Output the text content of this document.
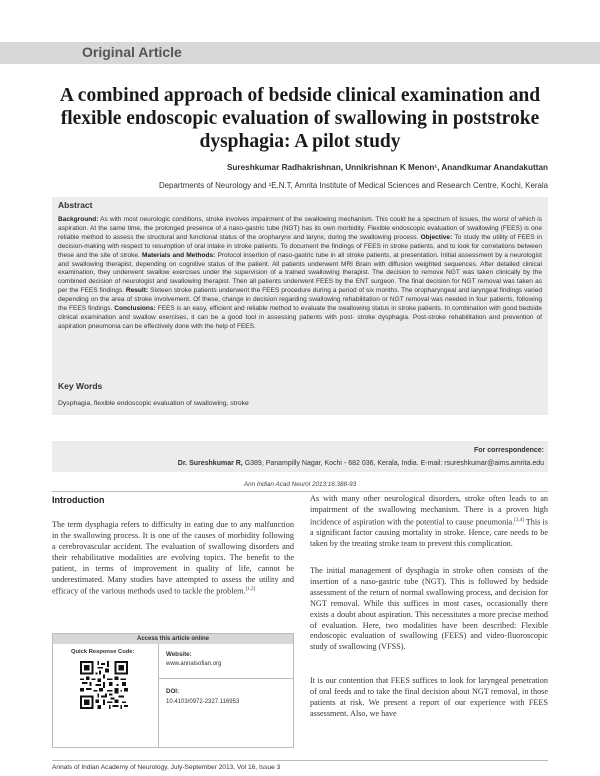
Original Article
A combined approach of bedside clinical examination and flexible endoscopic evaluation of swallowing in poststroke dysphagia: A pilot study
Sureshkumar Radhakrishnan, Unnikrishnan K Menon¹, Anandkumar Anandakuttan
Departments of Neurology and ¹E.N.T, Amrita Institute of Medical Sciences and Research Centre, Kochi, Kerala
Abstract

Background: As with most neurologic conditions, stroke involves impairment of the swallowing mechanism. This could be a spectrum of issues, the worst of which is aspiration. At the same time, the prolonged presence of a naso-gastric tube (NGT) has its own morbidity. Flexible endoscopic evaluation of swallowing (FEES) is one reliable method to assess the structural and functional status of the oropharynx and larynx, during the swallowing process. Objective: To study the utility of FEES in decision-making with respect to resumption of oral intake in stroke patients. To document the findings of FEES in stroke patients, and to look for correlations between these and the site of stroke. Materials and Methods: Protocol insertion of naso-gastric tube in all stroke patients, at presentation. Initial assessment by a neurologist and swallowing therapist, depending on cognitive status of the patient. All patients underwent MRI Brain with diffusion weighted sequences. After detailed clinical examination, they underwent swallow exercises under the supervision of a trained swallowing therapist. The decision to remove NGT was taken clinically by the combined decision of neurologist and swallowing therapist. Then all patients underwent FEES by the ENT surgeon. The final decision for NGT removal was taken as per the FEES findings. Result: Sixteen stroke patients underwent the FEES procedure during a period of six months. The oropharyngeal and laryngeal findings varied depending on the area of stroke involvement. Of these, change in decision regarding swallowing rehabilitation or NGT removal was needed in four patients, following the FEES findings. Conclusions: FEES is an easy, efficient and reliable method to evaluate the swallowing status in stroke patients. In combination with good bedside clinical examination and swallow exercises, it can be a good tool in assessing patients with post- stroke dysphagia. Post-stroke rehabilitation and prevention of aspiration pneumonia can be effectively done with the help of FEES.

Key Words
Dysphagia, flexible endoscopic evaluation of swallowing, stroke
For correspondence:
Dr. Sureshkumar R, G389, Panampilly Nagar, Kochi - 682 036, Kerala, India. E-mail: rsureshkumar@aims.amrita.edu
Ann Indian Acad Neurol 2013;16:388-93
Introduction

The term dysphagia refers to difficulty in eating due to any malfunction in the swallowing process. It is one of the causes of morbidity following a cerebrovascular accident. The evaluation of swallowing disorders and their rehabilitative modalities are evolving topics. The benefit to the patient, in terms of improvement in quality of life, cannot be underestimated. Many studies have attempted to assess the utility and efficacy of the various methods used to tackle the problem.[1,2]

As with many other neurological disorders, stroke often leads to an impairment of the swallowing mechanism. There is a proven high incidence of aspiration with the potential to cause pneumonia.[3,4] This is a significant factor causing mortality in stroke. Hence, care needs to be taken by the treating stroke team to prevent this complication.

The initial management of dysphagia in stroke often consists of the insertion of a naso-gastric tube (NGT). This is followed by bedside assessment of the return of normal swallowing process, and decision for NGT removal. While this suffices in most cases, occasionally there exists a doubt about aspiration. This necessitates a more precise method of evaluation. Here, two modalities have been described: Flexible endoscopic evaluation of swallowing (FEES) and video-fluoroscopic study of swallowing (VFSS).

It is our contention that FEES suffices to look for laryngeal penetration of oral feeds and to take the final decision about NGT removal, in those patients at risk. We present a report of our experience with FEES assessment. Also, we have

Access this article online
Quick Response Code:	Website:
www.annalsofian.org
DOI:
10.4103/0972-2327.116953
Annals of Indian Academy of Neurology, July-September 2013, Vol 16, Issue 3
